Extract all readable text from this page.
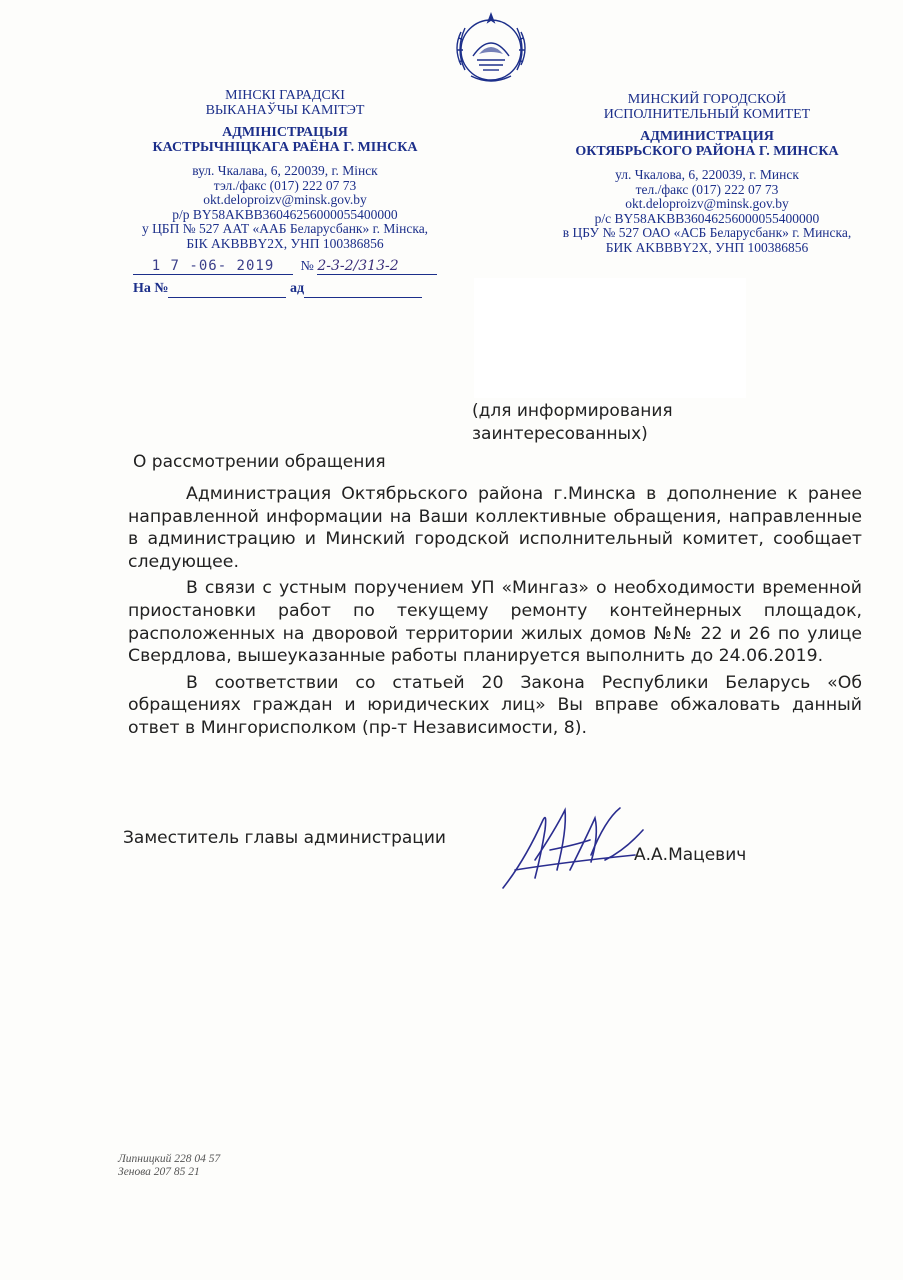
МІНСКІ ГАРАДСКІ
ВЫКАНАЎЧЫ КАМІТЭТ
АДМІНІСТРАЦЫЯ
КАСТРЫЧНІЦКАГА РАЁНА Г. МІНСКА
вул. Чкалава, 6, 220039, г. Мінск
тэл./факс (017) 222 07 73
okt.deloproizv@minsk.gov.by
р/р BY58AKBB36046256000055400000
у ЦБП № 527 ААТ «ААБ Беларусбанк» г. Мінска,
БІК AKBBBY2X, УНП 100386856
МИНСКИЙ ГОРОДСКОЙ
ИСПОЛНИТЕЛЬНЫЙ КОМИТЕТ
АДМИНИСТРАЦИЯ
ОКТЯБРЬСКОГО РАЙОНА Г. МИНСКА
ул. Чкалова, 6, 220039, г. Минск
тел./факс (017) 222 07 73
okt.deloproizv@minsk.gov.by
р/с BY58AKBB36046256000055400000
в ЦБУ № 527 ОАО «АСБ Беларусбанк» г. Минска,
БИК AKBBBY2X, УНП 100386856
1 7 -06- 2019 № 2-3-2/313-2
На №	ад
(для информирования
заинтересованных)
О рассмотрении обращения

Администрация Октябрьского района г.Минска в дополнение к ранее направленной информации на Ваши коллективные обращения, направленные в администрацию и Минский городской исполнительный комитет, сообщает следующее.

В связи с устным поручением УП «Мингаз» о необходимости временной приостановки работ по текущему ремонту контейнерных площадок, расположенных на дворовой территории жилых домов №№ 22 и 26 по улице Свердлова, вышеуказанные работы планируется выполнить до 24.06.2019.

В соответствии со статьей 20 Закона Республики Беларусь «Об обращениях граждан и юридических лиц» Вы вправе обжаловать данный ответ в Мингорисполком (пр-т Независимости, 8).

Заместитель главы администрации
А.А.Мацевич
Липницкий 228 04 57
Зенова 207 85 21
